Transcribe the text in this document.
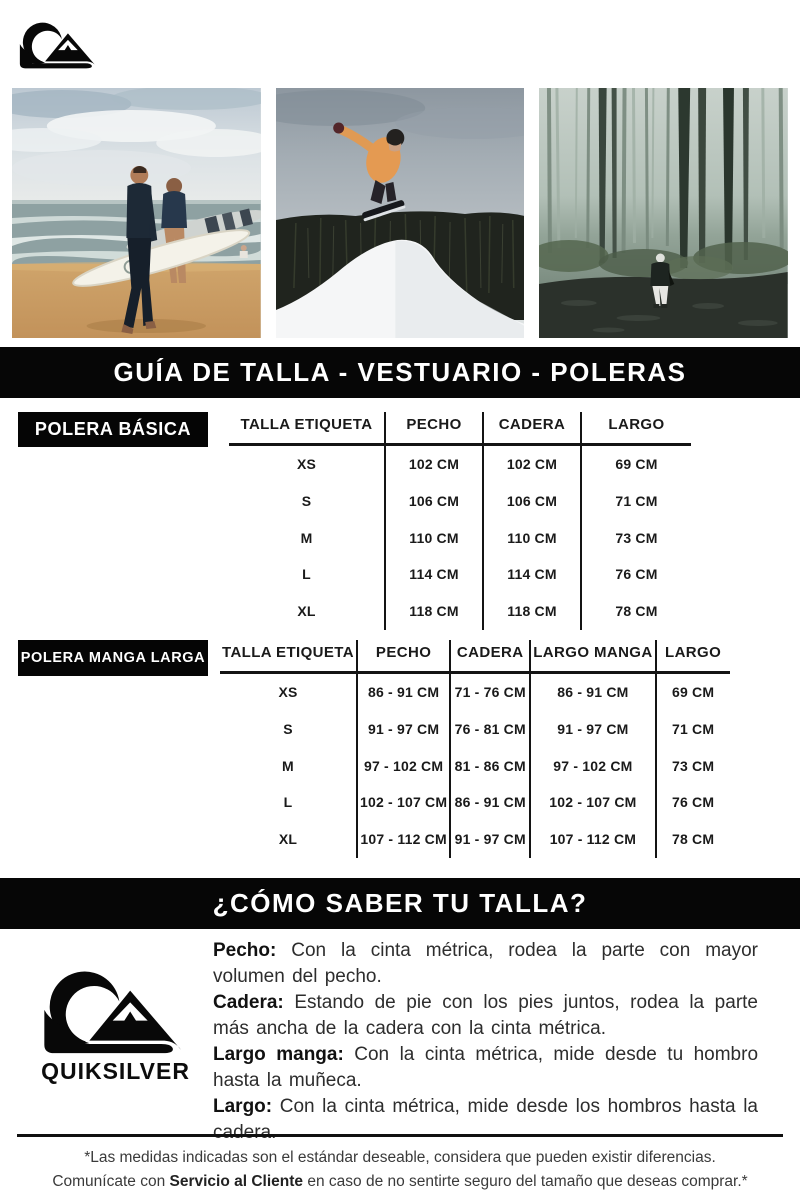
GUÍA DE TALLA - VESTUARIO - POLERAS
POLERA BÁSICA	TALLA ETIQUETA	PECHO	CADERA	LARGO
XS	102 CM	102 CM	69 CM
S	106 CM	106 CM	71 CM
M	110 CM	110 CM	73 CM
L	114 CM	114 CM	76 CM
XL	118 CM	118 CM	78 CM
POLERA MANGA LARGA TALLA ETIQUETA	PECHO	CADERA	LARGO MANGA	LARGO
XS	86 - 91 CM	71 - 76 CM	86 - 91 CM	69 CM
S	91 - 97 CM	76 - 81 CM	91 - 97 CM	71 CM
M	97 - 102 CM	81 - 86 CM	97 - 102 CM	73 CM
L	102 - 107 CM	86 - 91 CM	102 - 107 CM	76 CM
XL	107 - 112 CM	91 - 97 CM	107 - 112 CM	78 CM
¿CÓMO SABER TU TALLA?
QUIKSILVER

Pecho: Con la cinta métrica, rodea la parte con mayor volumen del pecho.

Cadera: Estando de pie con los pies juntos, rodea la parte más ancha de la cadera con la cinta métrica.

Largo manga: Con la cinta métrica, mide desde tu hombro hasta la muñeca.

Largo: Con la cinta métrica, mide desde los hombros hasta la cadera.

*Las medidas indicadas son el estándar deseable, considera que pueden existir diferencias.
Comunícate con Servicio al Cliente en caso de no sentirte seguro del tamaño que deseas comprar.*
